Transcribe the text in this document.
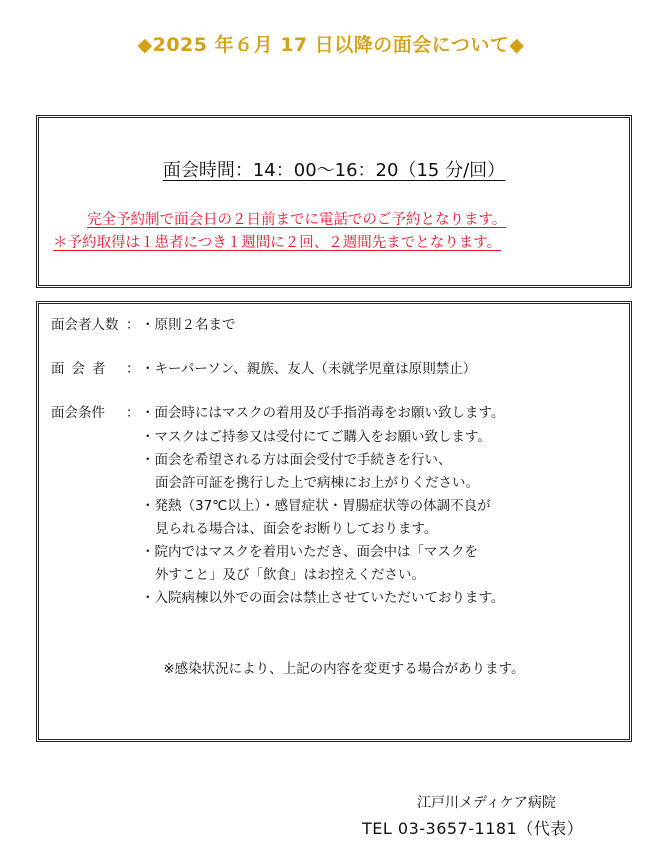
◆2025 年６月 17 日以降の面会について◆
面会時間：14：00〜16：20（15 分/回）
完全予約制で面会日の２日前までに電話でのご予約となります。
＊予約取得は１患者につき１週間に２回、２週間先までとなります。
面会者人数 ： ・原則２名まで
面会者 ： ・キーパーソン、親族、友人（未就学児童は原則禁止）
面会条件 ： ・面会時にはマスクの着用及び手指消毒をお願い致します。
・マスクはご持参又は受付にてご購入をお願い致します。
・面会を希望される方は面会受付で手続きを行い、
面会許可証を携行した上で病棟にお上がりください。
・発熱（37℃以上）・感冒症状・胃腸症状等の体調不良が
見られる場合は、面会をお断りしております。
・院内ではマスクを着用いただき、面会中は「マスクを
外すこと」及び「飲食」はお控えください。
・入院病棟以外での面会は禁止させていただいております。
※感染状況により、上記の内容を変更する場合があります。
江戸川メディケア病院
TEL 03-3657-1181（代表）
